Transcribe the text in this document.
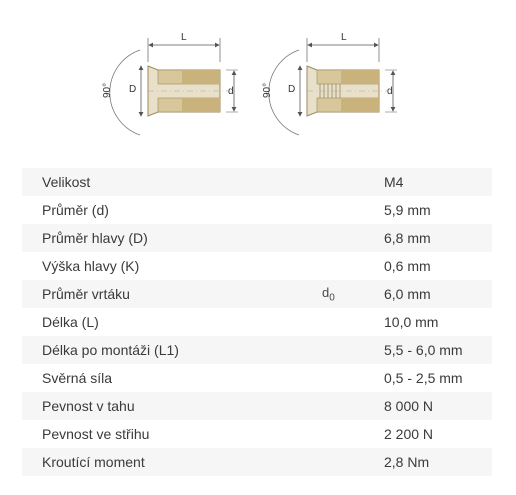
L
90° D	d
L
90° D	d
Velikost		M4
Průměr (d)		5,9 mm
Průměr hlavy (D)		6,8 mm
Výška hlavy (K)		0,6 mm
Průměr vrtáku	$d_0$	6,0 mm
Délka (L)		10,0 mm
Délka po montáži (L1)		5,5 - 6,0 mm
Svěrná síla		0,5 - 2,5 mm
Pevnost v tahu		8 000 N
Pevnost ve střihu		2 200 N
Kroutící moment		2,8 Nm
